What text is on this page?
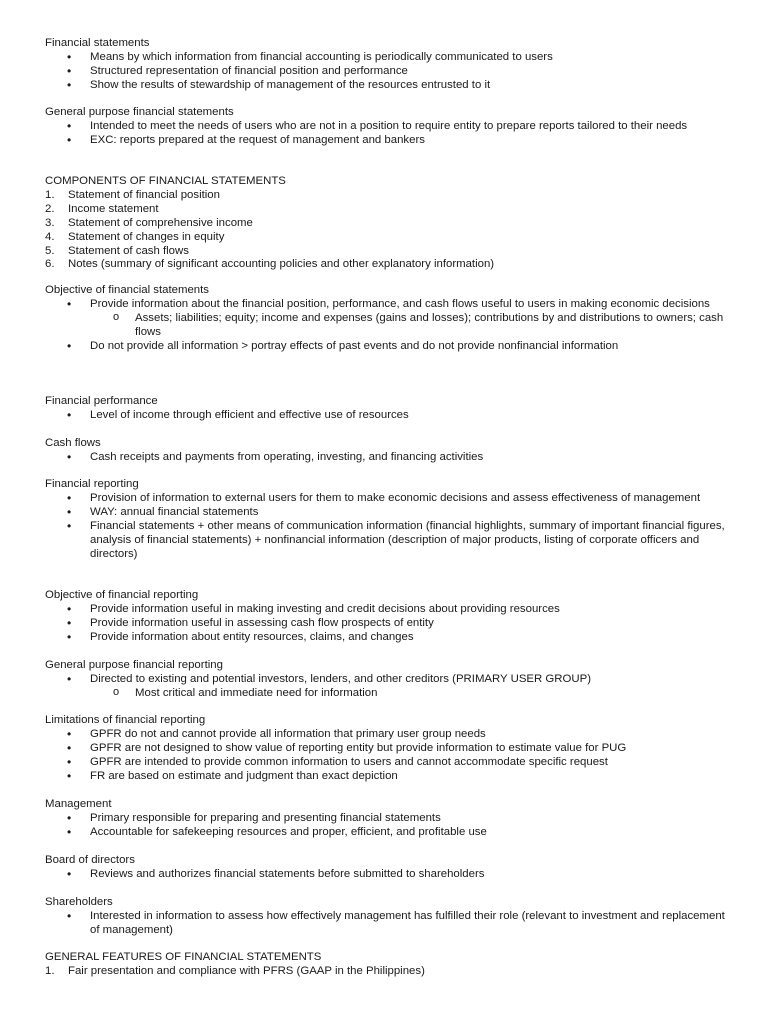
Financial statements

• Means by which information from financial accounting is periodically communicated to users
• Structured representation of financial position and performance
• Show the results of stewardship of management of the resources entrusted to it

General purpose financial statements

• Intended to meet the needs of users who are not in a position to require entity to prepare reports tailored to their needs
• EXC: reports prepared at the request of management and bankers

COMPONENTS OF FINANCIAL STATEMENTS

1. Statement of financial position
2. Income statement
3. Statement of comprehensive income
4. Statement of changes in equity
5. Statement of cash flows
6. Notes (summary of significant accounting policies and other explanatory information)

Objective of financial statements

• Provide information about the financial position, performance, and cash flows useful to users in making economic decisions
o Assets; liabilities; equity; income and expenses (gains and losses); contributions by and distributions to owners; cash flows
• Do not provide all information > portray effects of past events and do not provide nonfinancial information

Financial performance

• Level of income through efficient and effective use of resources

Cash flows

• Cash receipts and payments from operating, investing, and financing activities

Financial reporting

• Provision of information to external users for them to make economic decisions and assess effectiveness of management
• WAY: annual financial statements
• Financial statements + other means of communication information (financial highlights, summary of important financial figures, analysis of financial statements) + nonfinancial information (description of major products, listing of corporate officers and directors)

Objective of financial reporting

• Provide information useful in making investing and credit decisions about providing resources
• Provide information useful in assessing cash flow prospects of entity
• Provide information about entity resources, claims, and changes

General purpose financial reporting

• Directed to existing and potential investors, lenders, and other creditors (PRIMARY USER GROUP)
o Most critical and immediate need for information

Limitations of financial reporting

• GPFR do not and cannot provide all information that primary user group needs
• GPFR are not designed to show value of reporting entity but provide information to estimate value for PUG
• GPFR are intended to provide common information to users and cannot accommodate specific request
• FR are based on estimate and judgment than exact depiction

Management

• Primary responsible for preparing and presenting financial statements
• Accountable for safekeeping resources and proper, efficient, and profitable use

Board of directors

• Reviews and authorizes financial statements before submitted to shareholders

Shareholders

• Interested in information to assess how effectively management has fulfilled their role (relevant to investment and replacement of management)

GENERAL FEATURES OF FINANCIAL STATEMENTS

1. Fair presentation and compliance with PFRS (GAAP in the Philippines)
